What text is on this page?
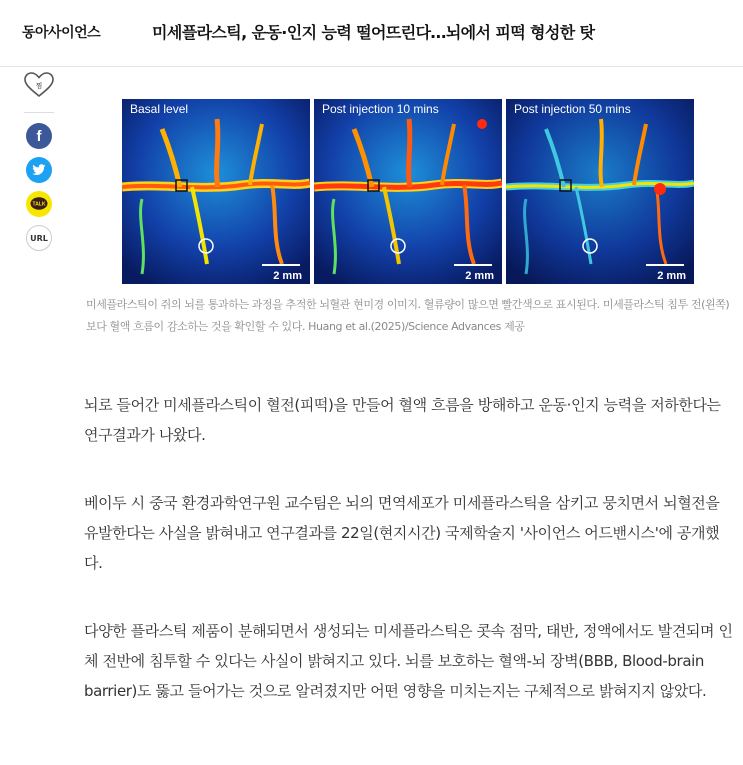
동아사이언스	미세플라스틱, 운동·인지 능력 떨어뜨린다…뇌에서 피떡 형성한 탓
찜
f
TALK
URL
Basal level
2 mm
Post injection 10 mins
2 mm
Post injection 50 mins
2 mm
미세플라스틱이 쥐의 뇌를 통과하는 과정을 추적한 뇌혈관 현미경 이미지. 혈류량이 많으면 빨간색으로 표시된다. 미세플라스틱 침투 전(왼쪽)보다 혈액 흐름이 감소하는 것을 확인할 수 있다. Huang et al.(2025)/Science Advances 제공

뇌로 들어간 미세플라스틱이 혈전(피떡)을 만들어 혈액 흐름을 방해하고 운동·인지 능력을 저하한다는 연구결과가 나왔다.

베이두 시 중국 환경과학연구원 교수팀은 뇌의 면역세포가 미세플라스틱을 삼키고 뭉치면서 뇌혈전을 유발한다는 사실을 밝혀내고 연구결과를 22일(현지시간) 국제학술지 '사이언스 어드밴시스'에 공개했다.

다양한 플라스틱 제품이 분해되면서 생성되는 미세플라스틱은 콧속 점막, 태반, 정액에서도 발견되며 인체 전반에 침투할 수 있다는 사실이 밝혀지고 있다. 뇌를 보호하는 혈액-뇌 장벽(BBB, Blood-brain barrier)도 뚫고 들어가는 것으로 알려졌지만 어떤 영향을 미치는지는 구체적으로 밝혀지지 않았다.
